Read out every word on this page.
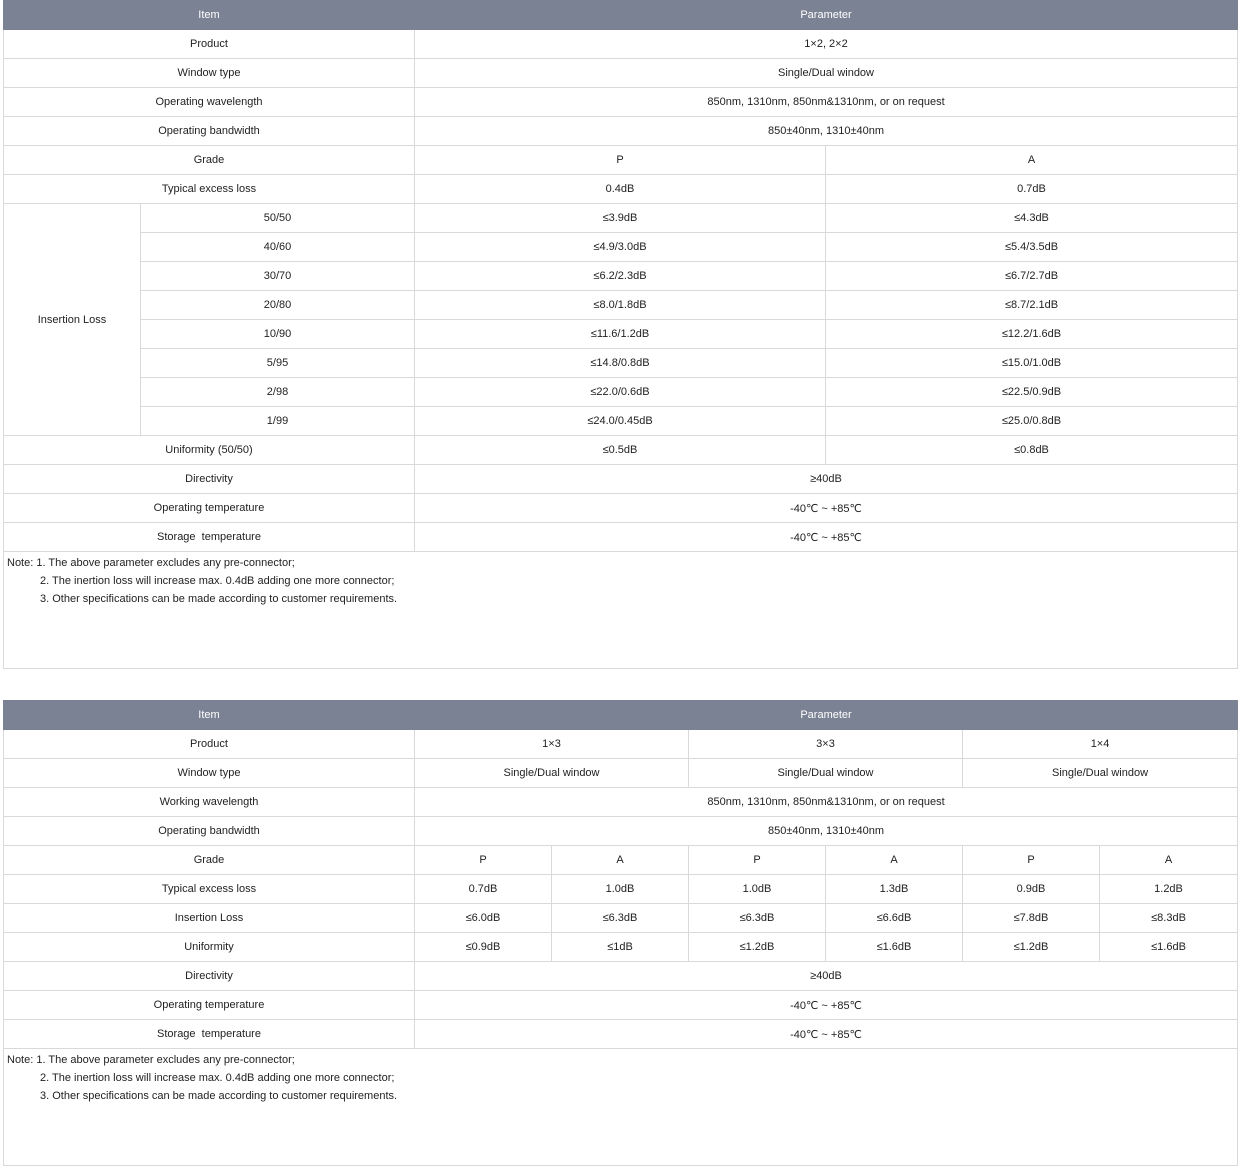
Item		Parameter	
Product		1×2, 2×2	
Window type		Single/Dual window	
Operating wavelength		850nm, 1310nm, 850nm&1310nm, or on request	
Operating bandwidth		850±40nm, 1310±40nm	
Grade		P	A
Typical excess loss		0.4dB	0.7dB
Insertion Loss	50/50	≤3.9dB	≤4.3dB
	40/60	≤4.9/3.0dB	≤5.4/3.5dB
	30/70	≤6.2/2.3dB	≤6.7/2.7dB
	20/80	≤8.0/1.8dB	≤8.7/2.1dB
	10/90	≤11.6/1.2dB	≤12.2/1.6dB
	5/95	≤14.8/0.8dB	≤15.0/1.0dB
	2/98	≤22.0/0.6dB	≤22.5/0.9dB
	1/99	≤24.0/0.45dB	≤25.0/0.8dB
Uniformity (50/50)		≤0.5dB	≤0.8dB
Directivity		≥40dB	
Operating temperature		-40℃ ~ +85℃	
Storage  temperature		-40℃ ~ +85℃	

Note: 1. The above parameter excludes any pre-connector;
2. The inertion loss will increase max. 0.4dB adding one more connector;
3. Other specifications can be made according to customer requirements.			
Item	Parameter					
Product	1×3		3×3		1×4	
Window type	Single/Dual window		Single/Dual window		Single/Dual window	
Working wavelength	850nm, 1310nm, 850nm&1310nm, or on request					
Operating bandwidth	850±40nm, 1310±40nm					
Grade	P	A	P	A	P	A
Typical excess loss	0.7dB	1.0dB	1.0dB	1.3dB	0.9dB	1.2dB
Insertion Loss	≤6.0dB	≤6.3dB	≤6.3dB	≤6.6dB	≤7.8dB	≤8.3dB
Uniformity	≤0.9dB	≤1dB	≤1.2dB	≤1.6dB	≤1.2dB	≤1.6dB
Directivity	≥40dB					
Operating temperature	-40℃ ~ +85℃					
Storage  temperature	-40℃ ~ +85℃					

Note: 1. The above parameter excludes any pre-connector;
2. The inertion loss will increase max. 0.4dB adding one more connector;
3. Other specifications can be made according to customer requirements.						
